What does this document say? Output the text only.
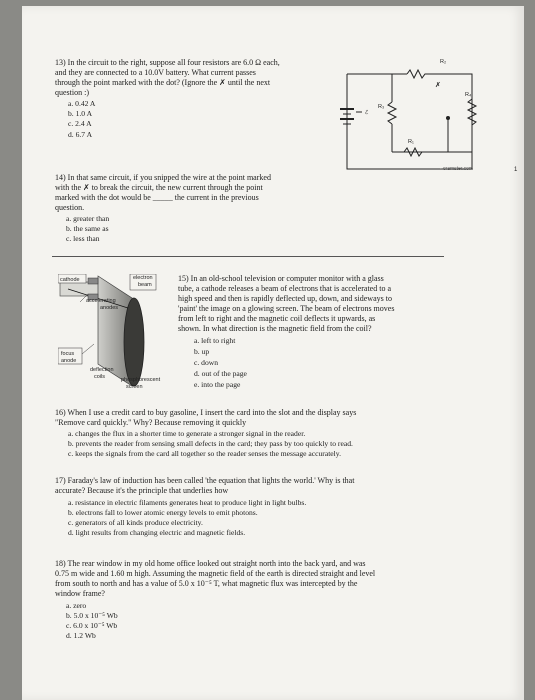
13) In the circuit to the right, suppose all four resistors are 6.0 Ω each,
and they are connected to a 10.0V battery. What current passes
through the point marked with the dot? (Ignore the ✗ until the next
question :)
a. 0.42 A
b. 1.0 A
c. 2.4 A
d. 6.7 A
✗
R₂
R₃
R₄
R₁
ℰ
- cramster.com	1
14) In that same circuit, if you snipped the wire at the point marked
with the ✗ to break the circuit, the new current through the point
marked with the dot would be _____ the current in the previous
question.
a. greater than
b. the same as
c. less than
cathode	electron
beam
accelerating
anodes
focus
anode
deflection
coils	phosphorescent
screen
15) In an old-school television or computer monitor with a glass
tube, a cathode releases a beam of electrons that is accelerated to a
high speed and then is rapidly deflected up, down, and sideways to
'paint' the image on a glowing screen. The beam of electrons moves
from left to right and the magnetic coil deflects it upwards, as
shown. In what direction is the magnetic field from the coil?
a. left to right
b. up
c. down
d. out of the page
e. into the page
16) When I use a credit card to buy gasoline, I insert the card into the slot and the display says
"Remove card quickly." Why? Because removing it quickly
a. changes the flux in a shorter time to generate a stronger signal in the reader.
b. prevents the reader from sensing small defects in the card; they pass by too quickly to read.
c. keeps the signals from the card all together so the reader senses the message accurately.
17) Faraday's law of induction has been called 'the equation that lights the world.' Why is that
accurate? Because it's the principle that underlies how
a. resistance in electric filaments generates heat to produce light in light bulbs.
b. electrons fall to lower atomic energy levels to emit photons.
c. generators of all kinds produce electricity.
d. light results from changing electric and magnetic fields.
18) The rear window in my old home office looked out straight north into the back yard, and was
0.75 m wide and 1.60 m high. Assuming the magnetic field of the earth is directed straight and level
from south to north and has a value of 5.0 x 10⁻⁵ T, what magnetic flux was intercepted by the
window frame?
a. zero
b. 5.0 x 10⁻⁵ Wb
c. 6.0 x 10⁻⁵ Wb
d. 1.2 Wb
